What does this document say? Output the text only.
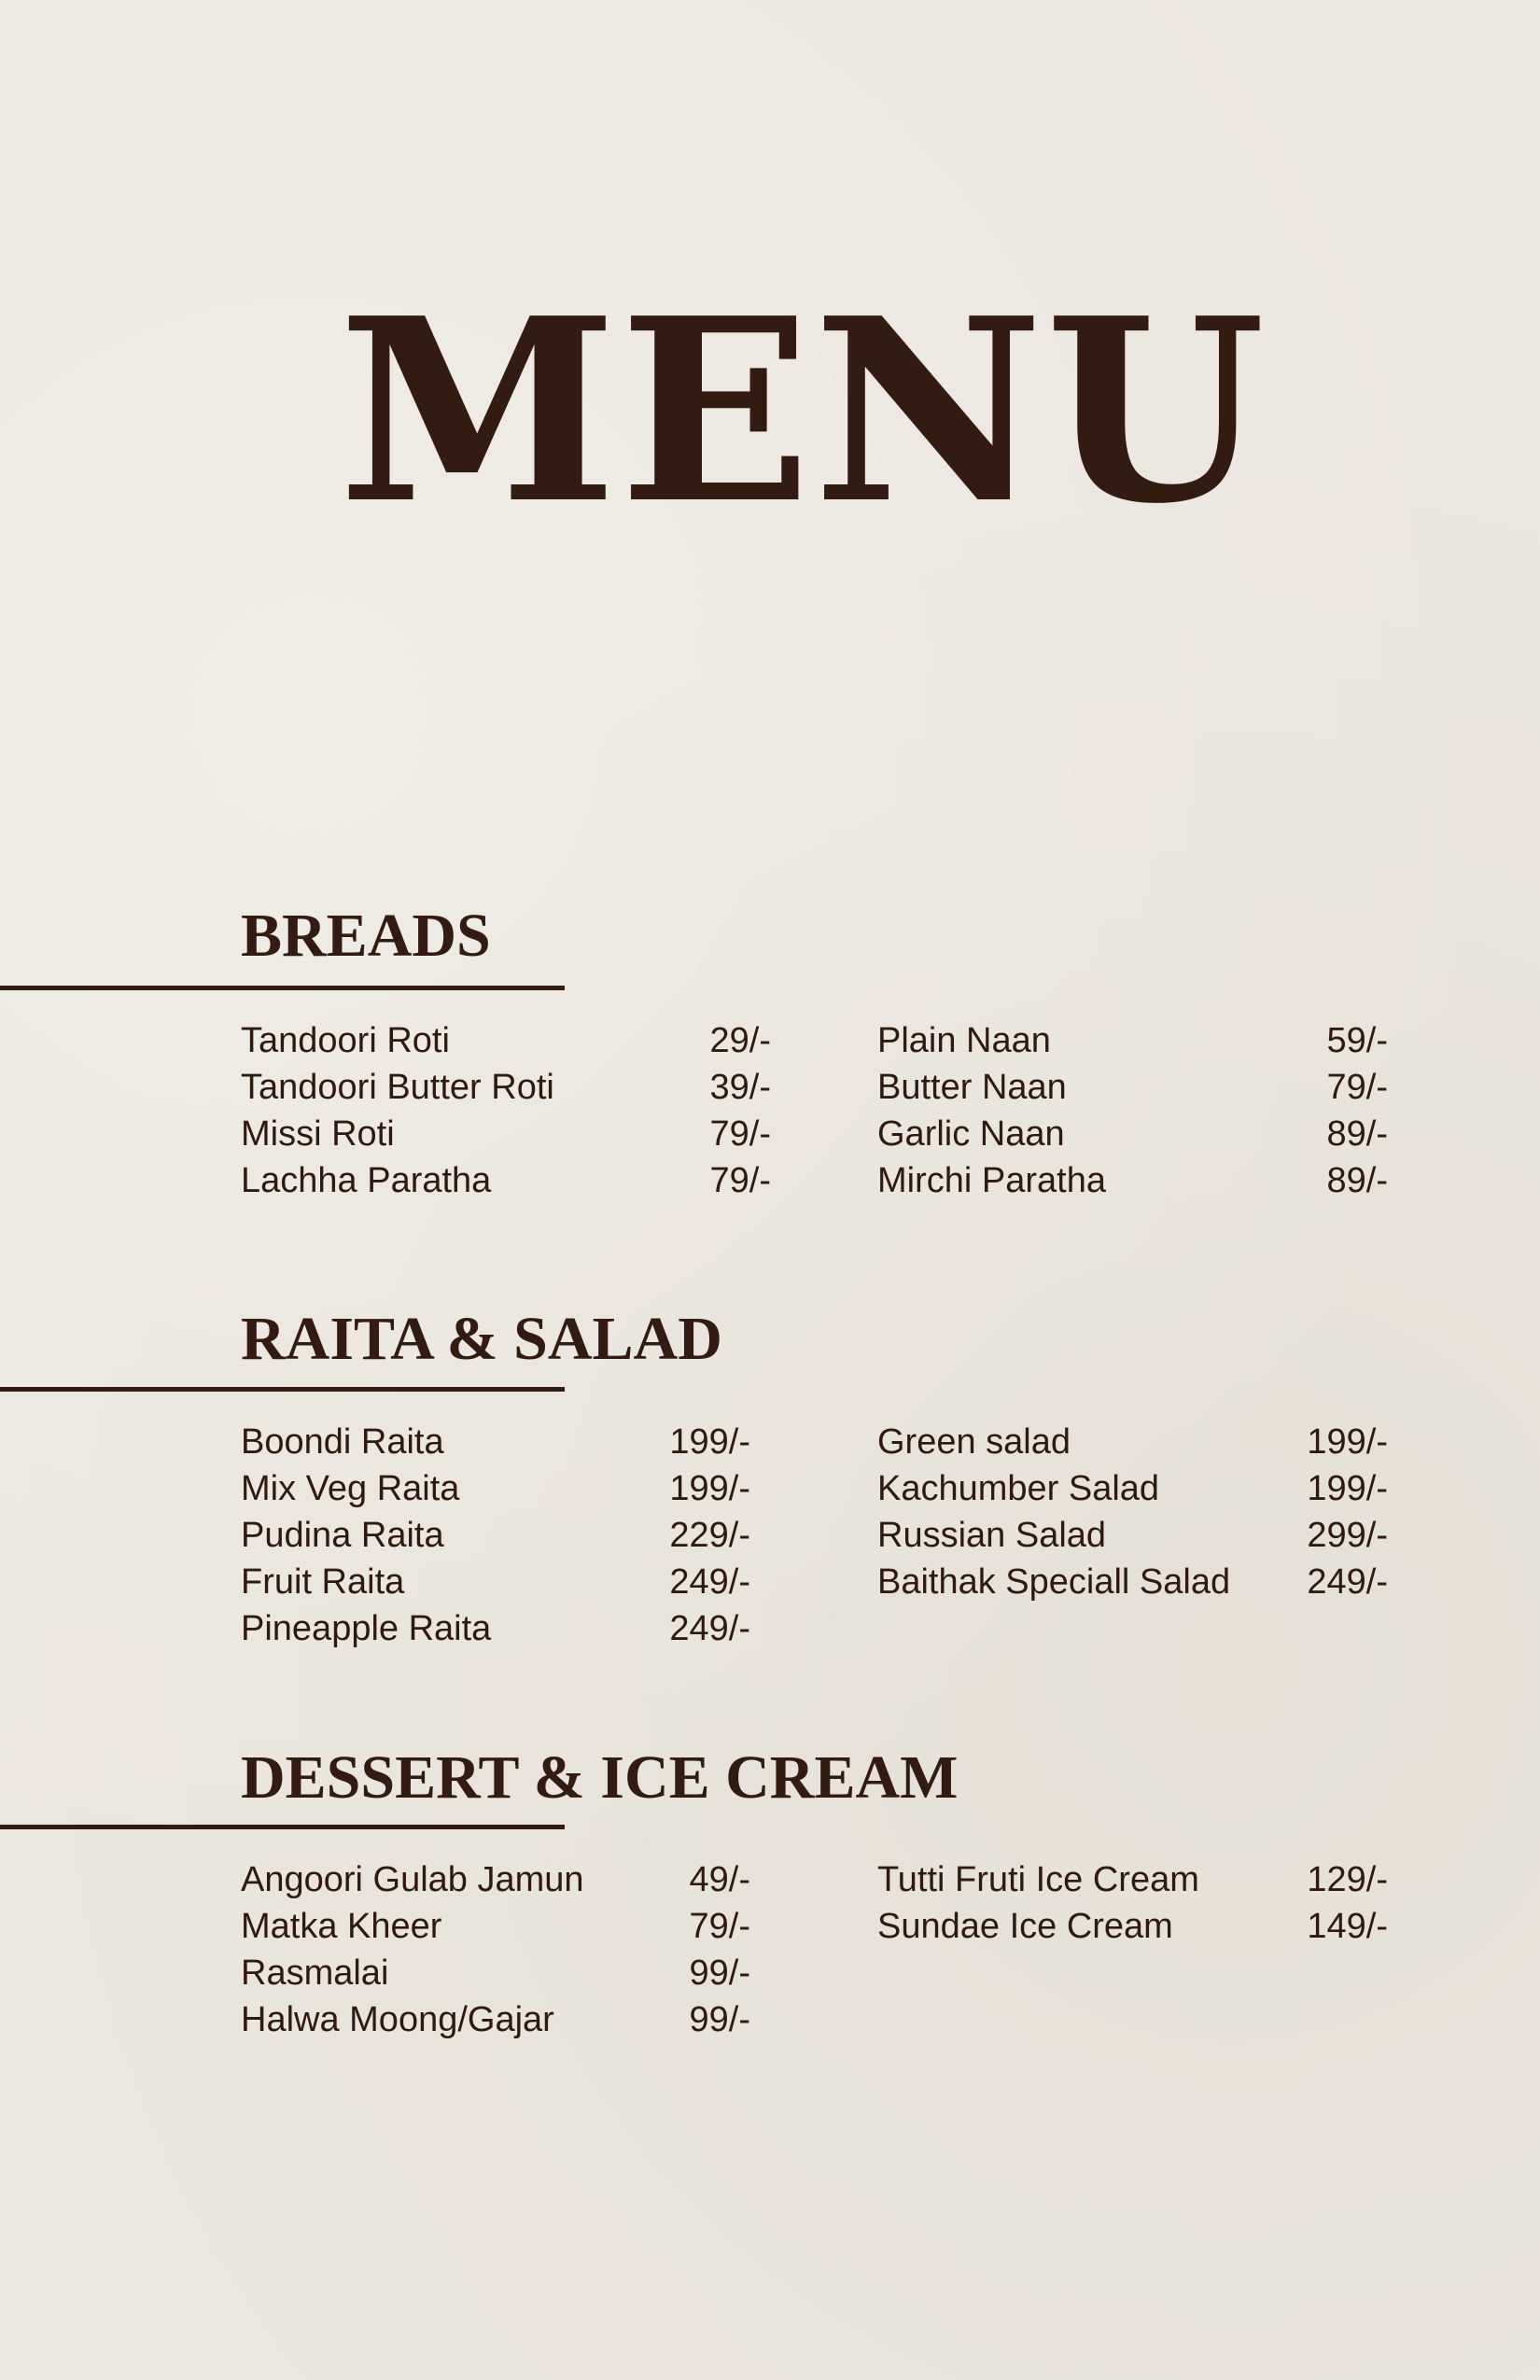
MENU
BREADS
Tandoori Roti	29/-
Tandoori Butter Roti	39/-
Missi Roti	79/-
Lachha Paratha	79/-
Plain Naan	59/-
Butter Naan	79/-
Garlic Naan	89/-
Mirchi Paratha	89/-
RAITA & SALAD
Boondi Raita	199/-
Mix Veg Raita	199/-
Pudina Raita	229/-
Fruit Raita	249/-
Pineapple Raita	249/-
Green salad	199/-
Kachumber Salad	199/-
Russian Salad	299/-
Baithak Speciall Salad 249/-
DESSERT & ICE CREAM
Angoori Gulab Jamun	49/-
Matka Kheer	79/-
Rasmalai	99/-
Halwa Moong/Gajar	99/-
Tutti Fruti Ice Cream	129/-
Sundae Ice Cream	149/-
